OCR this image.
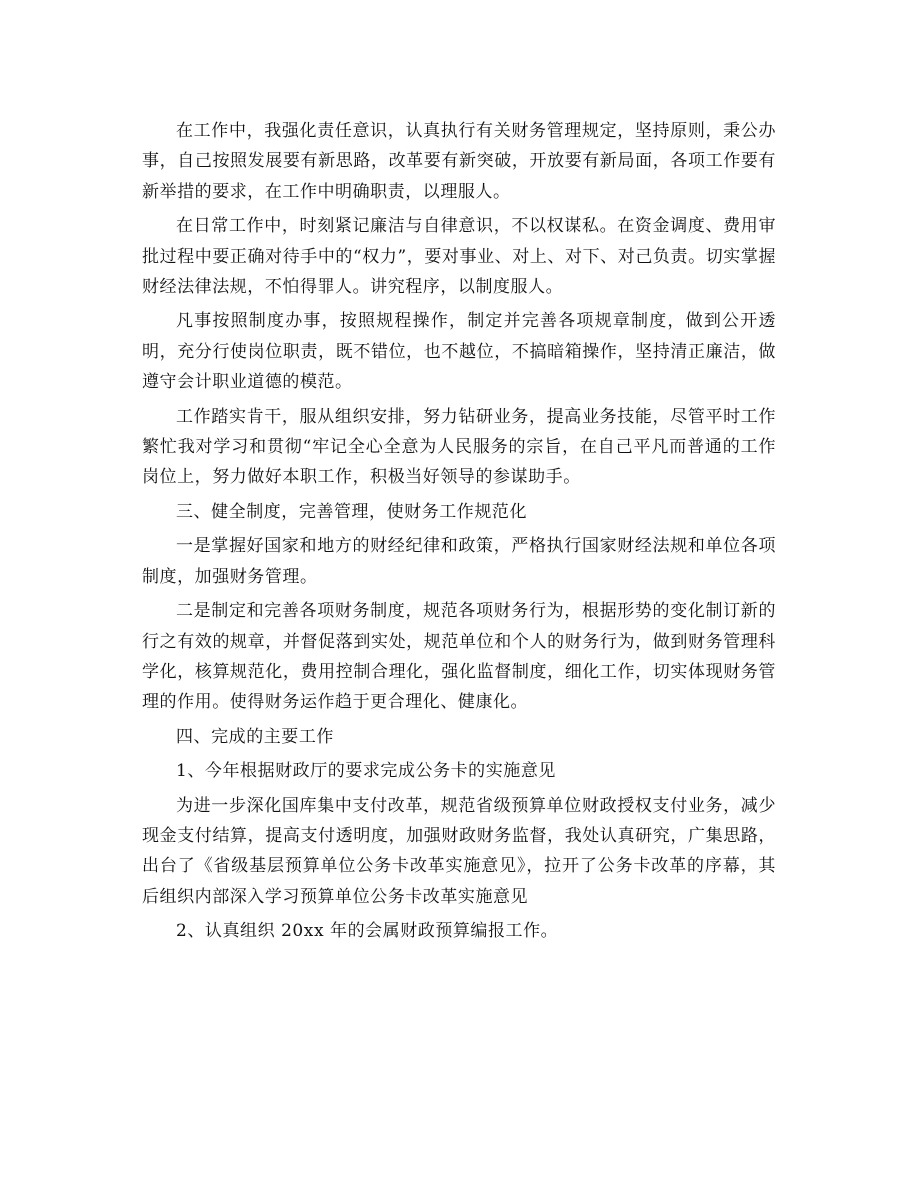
在工作中，我强化责任意识，认真执行有关财务管理规定，坚持原则，秉公办事，自己按照发展要有新思路，改革要有新突破，开放要有新局面，各项工作要有新举措的要求，在工作中明确职责，以理服人。

在日常工作中，时刻紧记廉洁与自律意识，不以权谋私。在资金调度、费用审批过程中要正确对待手中的“权力”，要对事业、对上、对下、对己负责。切实掌握财经法律法规，不怕得罪人。讲究程序，以制度服人。

凡事按照制度办事，按照规程操作，制定并完善各项规章制度，做到公开透明，充分行使岗位职责，既不错位，也不越位，不搞暗箱操作，坚持清正廉洁，做遵守会计职业道德的模范。

工作踏实肯干，服从组织安排，努力钻研业务，提高业务技能，尽管平时工作繁忙我对学习和贯彻“牢记全心全意为人民服务的宗旨，在自己平凡而普通的工作岗位上，努力做好本职工作，积极当好领导的参谋助手。

三、健全制度，完善管理，使财务工作规范化

一是掌握好国家和地方的财经纪律和政策，严格执行国家财经法规和单位各项制度，加强财务管理。

二是制定和完善各项财务制度，规范各项财务行为，根据形势的变化制订新的行之有效的规章，并督促落到实处，规范单位和个人的财务行为，做到财务管理科学化，核算规范化，费用控制合理化，强化监督制度，细化工作，切实体现财务管理的作用。使得财务运作趋于更合理化、健康化。

四、完成的主要工作

1、今年根据财政厅的要求完成公务卡的实施意见

为进一步深化国库集中支付改革，规范省级预算单位财政授权支付业务，减少现金支付结算，提高支付透明度，加强财政财务监督，我处认真研究，广集思路，出台了《省级基层预算单位公务卡改革实施意见》，拉开了公务卡改革的序幕，其后组织内部深入学习预算单位公务卡改革实施意见

2、认真组织 20xx 年的会属财政预算编报工作。
